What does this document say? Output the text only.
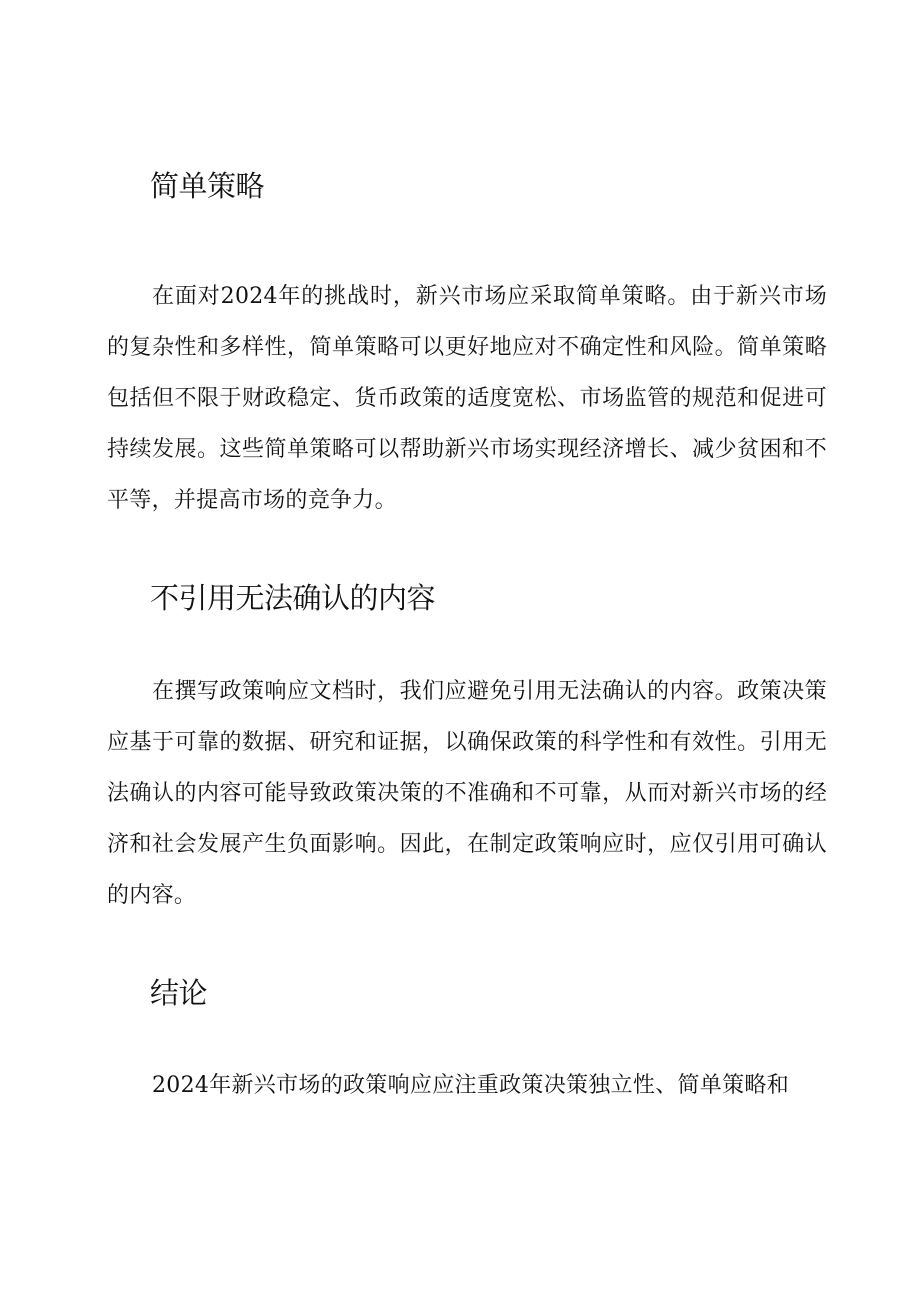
简单策略

在面对2024年的挑战时，新兴市场应采取简单策略。由于新兴市场的复杂性和多样性，简单策略可以更好地应对不确定性和风险。简单策略包括但不限于财政稳定、货币政策的适度宽松、市场监管的规范和促进可持续发展。这些简单策略可以帮助新兴市场实现经济增长、减少贫困和不平等，并提高市场的竞争力。

不引用无法确认的内容

在撰写政策响应文档时，我们应避免引用无法确认的内容。政策决策应基于可靠的数据、研究和证据，以确保政策的科学性和有效性。引用无法确认的内容可能导致政策决策的不准确和不可靠，从而对新兴市场的经济和社会发展产生负面影响。因此，在制定政策响应时，应仅引用可确认的内容。

结论

2024年新兴市场的政策响应应注重政策决策独立性、简单策略和
